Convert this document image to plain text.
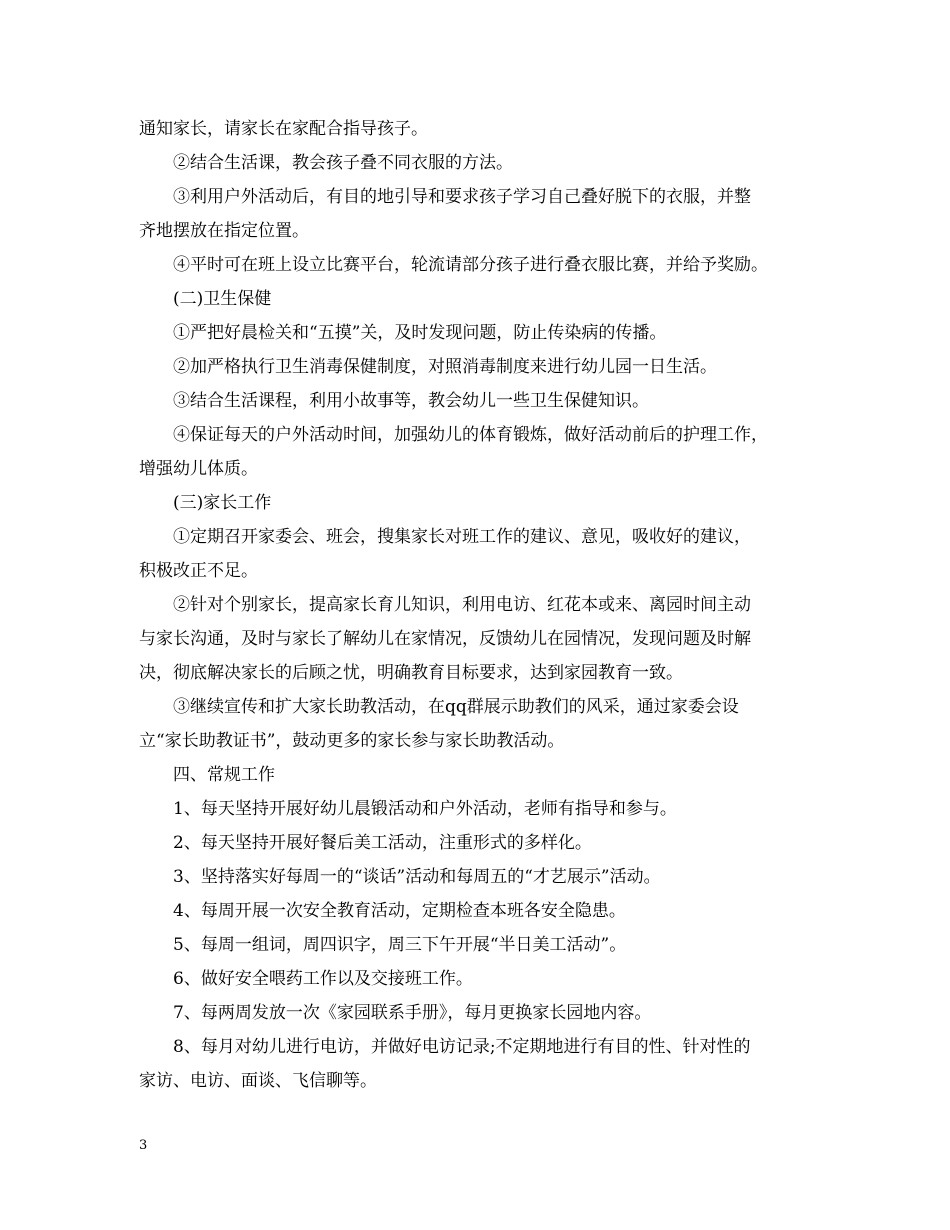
通知家长，请家长在家配合指导孩子。
②结合生活课，教会孩子叠不同衣服的方法。
③利用户外活动后，有目的地引导和要求孩子学习自己叠好脱下的衣服，并整
齐地摆放在指定位置。
④平时可在班上设立比赛平台，轮流请部分孩子进行叠衣服比赛，并给予奖励。
(二)卫生保健
①严把好晨检关和“五摸”关，及时发现问题，防止传染病的传播。
②加严格执行卫生消毒保健制度，对照消毒制度来进行幼儿园一日生活。
③结合生活课程，利用小故事等，教会幼儿一些卫生保健知识。
④保证每天的户外活动时间，加强幼儿的体育锻炼，做好活动前后的护理工作，
增强幼儿体质。
(三)家长工作
①定期召开家委会、班会，搜集家长对班工作的建议、意见，吸收好的建议，
积极改正不足。
②针对个别家长，提高家长育儿知识，利用电访、红花本或来、离园时间主动
与家长沟通，及时与家长了解幼儿在家情况，反馈幼儿在园情况，发现问题及时解
决，彻底解决家长的后顾之忧，明确教育目标要求，达到家园教育一致。
③继续宣传和扩大家长助教活动，在qq群展示助教们的风采，通过家委会设
立“家长助教证书”，鼓动更多的家长参与家长助教活动。
四、常规工作
1、每天坚持开展好幼儿晨锻活动和户外活动，老师有指导和参与。
2、每天坚持开展好餐后美工活动，注重形式的多样化。
3、坚持落实好每周一的“谈话”活动和每周五的“才艺展示”活动。
4、每周开展一次安全教育活动，定期检查本班各安全隐患。
5、每周一组词，周四识字，周三下午开展“半日美工活动”。
6、做好安全喂药工作以及交接班工作。
7、每两周发放一次《家园联系手册》，每月更换家长园地内容。
8、每月对幼儿进行电访，并做好电访记录;不定期地进行有目的性、针对性的
家访、电访、面谈、飞信聊等。
3
